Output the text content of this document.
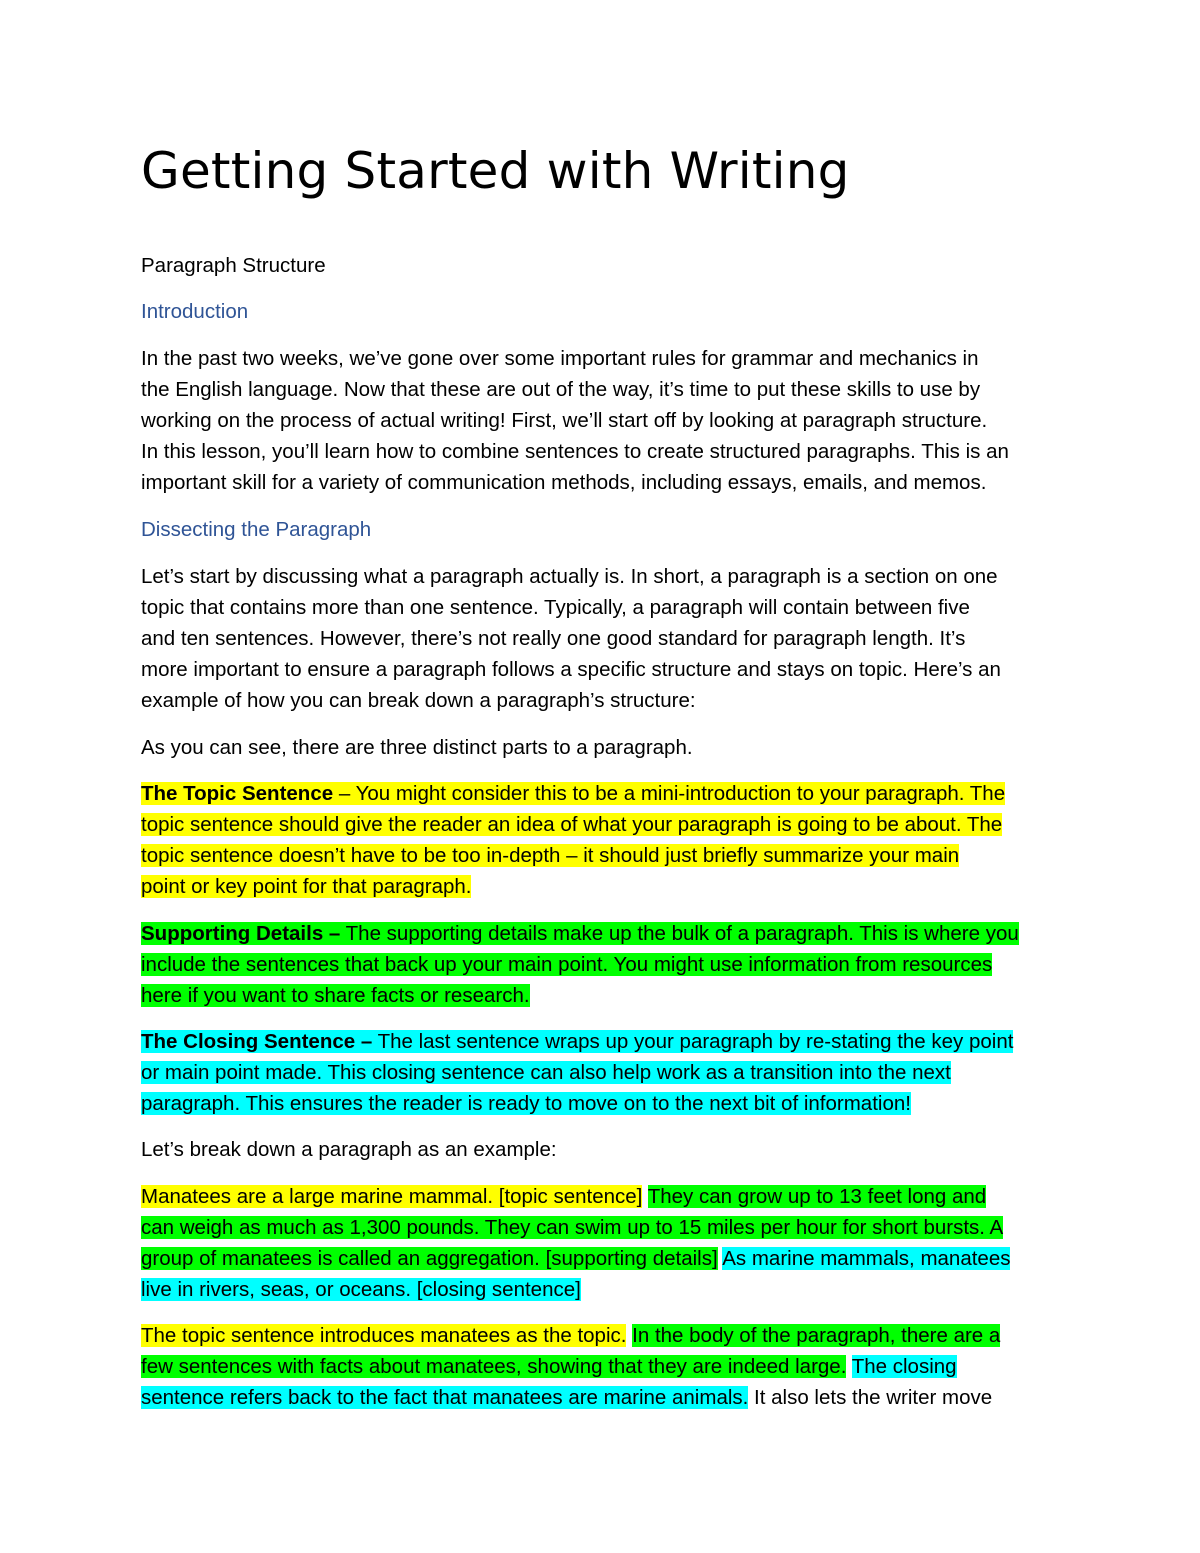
Getting Started with Writing

Paragraph Structure

Introduction
In the past two weeks, we’ve gone over some important rules for grammar and mechanics in
the English language. Now that these are out of the way, it’s time to put these skills to use by
working on the process of actual writing! First, we’ll start off by looking at paragraph structure.
In this lesson, you’ll learn how to combine sentences to create structured paragraphs. This is an
important skill for a variety of communication methods, including essays, emails, and memos.
Dissecting the Paragraph
Let’s start by discussing what a paragraph actually is. In short, a paragraph is a section on one
topic that contains more than one sentence. Typically, a paragraph will contain between five
and ten sentences. However, there’s not really one good standard for paragraph length. It’s
more important to ensure a paragraph follows a specific structure and stays on topic. Here’s an
example of how you can break down a paragraph’s structure:
As you can see, there are three distinct parts to a paragraph.
The Topic Sentence – You might consider this to be a mini-introduction to your paragraph. The
topic sentence should give the reader an idea of what your paragraph is going to be about. The
topic sentence doesn’t have to be too in-depth – it should just briefly summarize your main
point or key point for that paragraph.
Supporting Details – The supporting details make up the bulk of a paragraph. This is where you
include the sentences that back up your main point. You might use information from resources
here if you want to share facts or research.
The Closing Sentence – The last sentence wraps up your paragraph by re-stating the key point
or main point made. This closing sentence can also help work as a transition into the next
paragraph. This ensures the reader is ready to move on to the next bit of information!
Let’s break down a paragraph as an example:
Manatees are a large marine mammal. [topic sentence] They can grow up to 13 feet long and
can weigh as much as 1,300 pounds. They can swim up to 15 miles per hour for short bursts. A
group of manatees is called an aggregation. [supporting details] As marine mammals, manatees
live in rivers, seas, or oceans. [closing sentence]
The topic sentence introduces manatees as the topic. In the body of the paragraph, there are a
few sentences with facts about manatees, showing that they are indeed large. The closing
sentence refers back to the fact that manatees are marine animals. It also lets the writer move
